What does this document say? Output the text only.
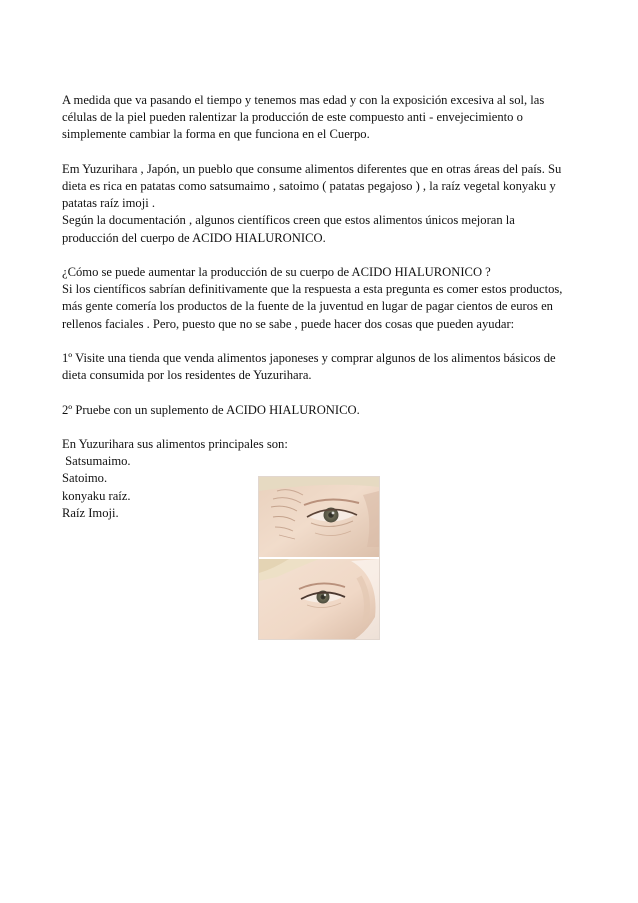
A medida que va pasando el tiempo y tenemos mas edad y con la exposición excesiva al sol, las
células de la piel pueden ralentizar la producción de este compuesto anti - envejecimiento o
simplemente cambiar la forma en que funciona en el Cuerpo.

Em Yuzurihara , Japón, un pueblo que consume alimentos diferentes que en otras áreas del país. Su
dieta es rica en patatas como satsumaimo , satoimo ( patatas pegajoso ) , la raíz vegetal konyaku y
patatas raíz imoji .
Según la documentación , algunos científicos creen que estos alimentos únicos mejoran la
producción del cuerpo de ACIDO HIALURONICO.

¿Cómo se puede aumentar la producción de su cuerpo de ACIDO HIALURONICO ?
Si los científicos sabrían definitivamente que la respuesta a esta pregunta es comer estos productos,
más gente comería los productos de la fuente de la juventud en lugar de pagar cientos de euros en
rellenos faciales . Pero, puesto que no se sabe , puede hacer dos cosas que pueden ayudar:

1º Visite una tienda que venda alimentos japoneses y comprar algunos de los alimentos básicos de
dieta consumida por los residentes de Yuzurihara.

2º Pruebe con un suplemento de ACIDO HIALURONICO.

En Yuzurihara sus alimentos principales son:
Satsumaimo.
Satoimo.
konyaku raíz.
Raíz Imoji.
